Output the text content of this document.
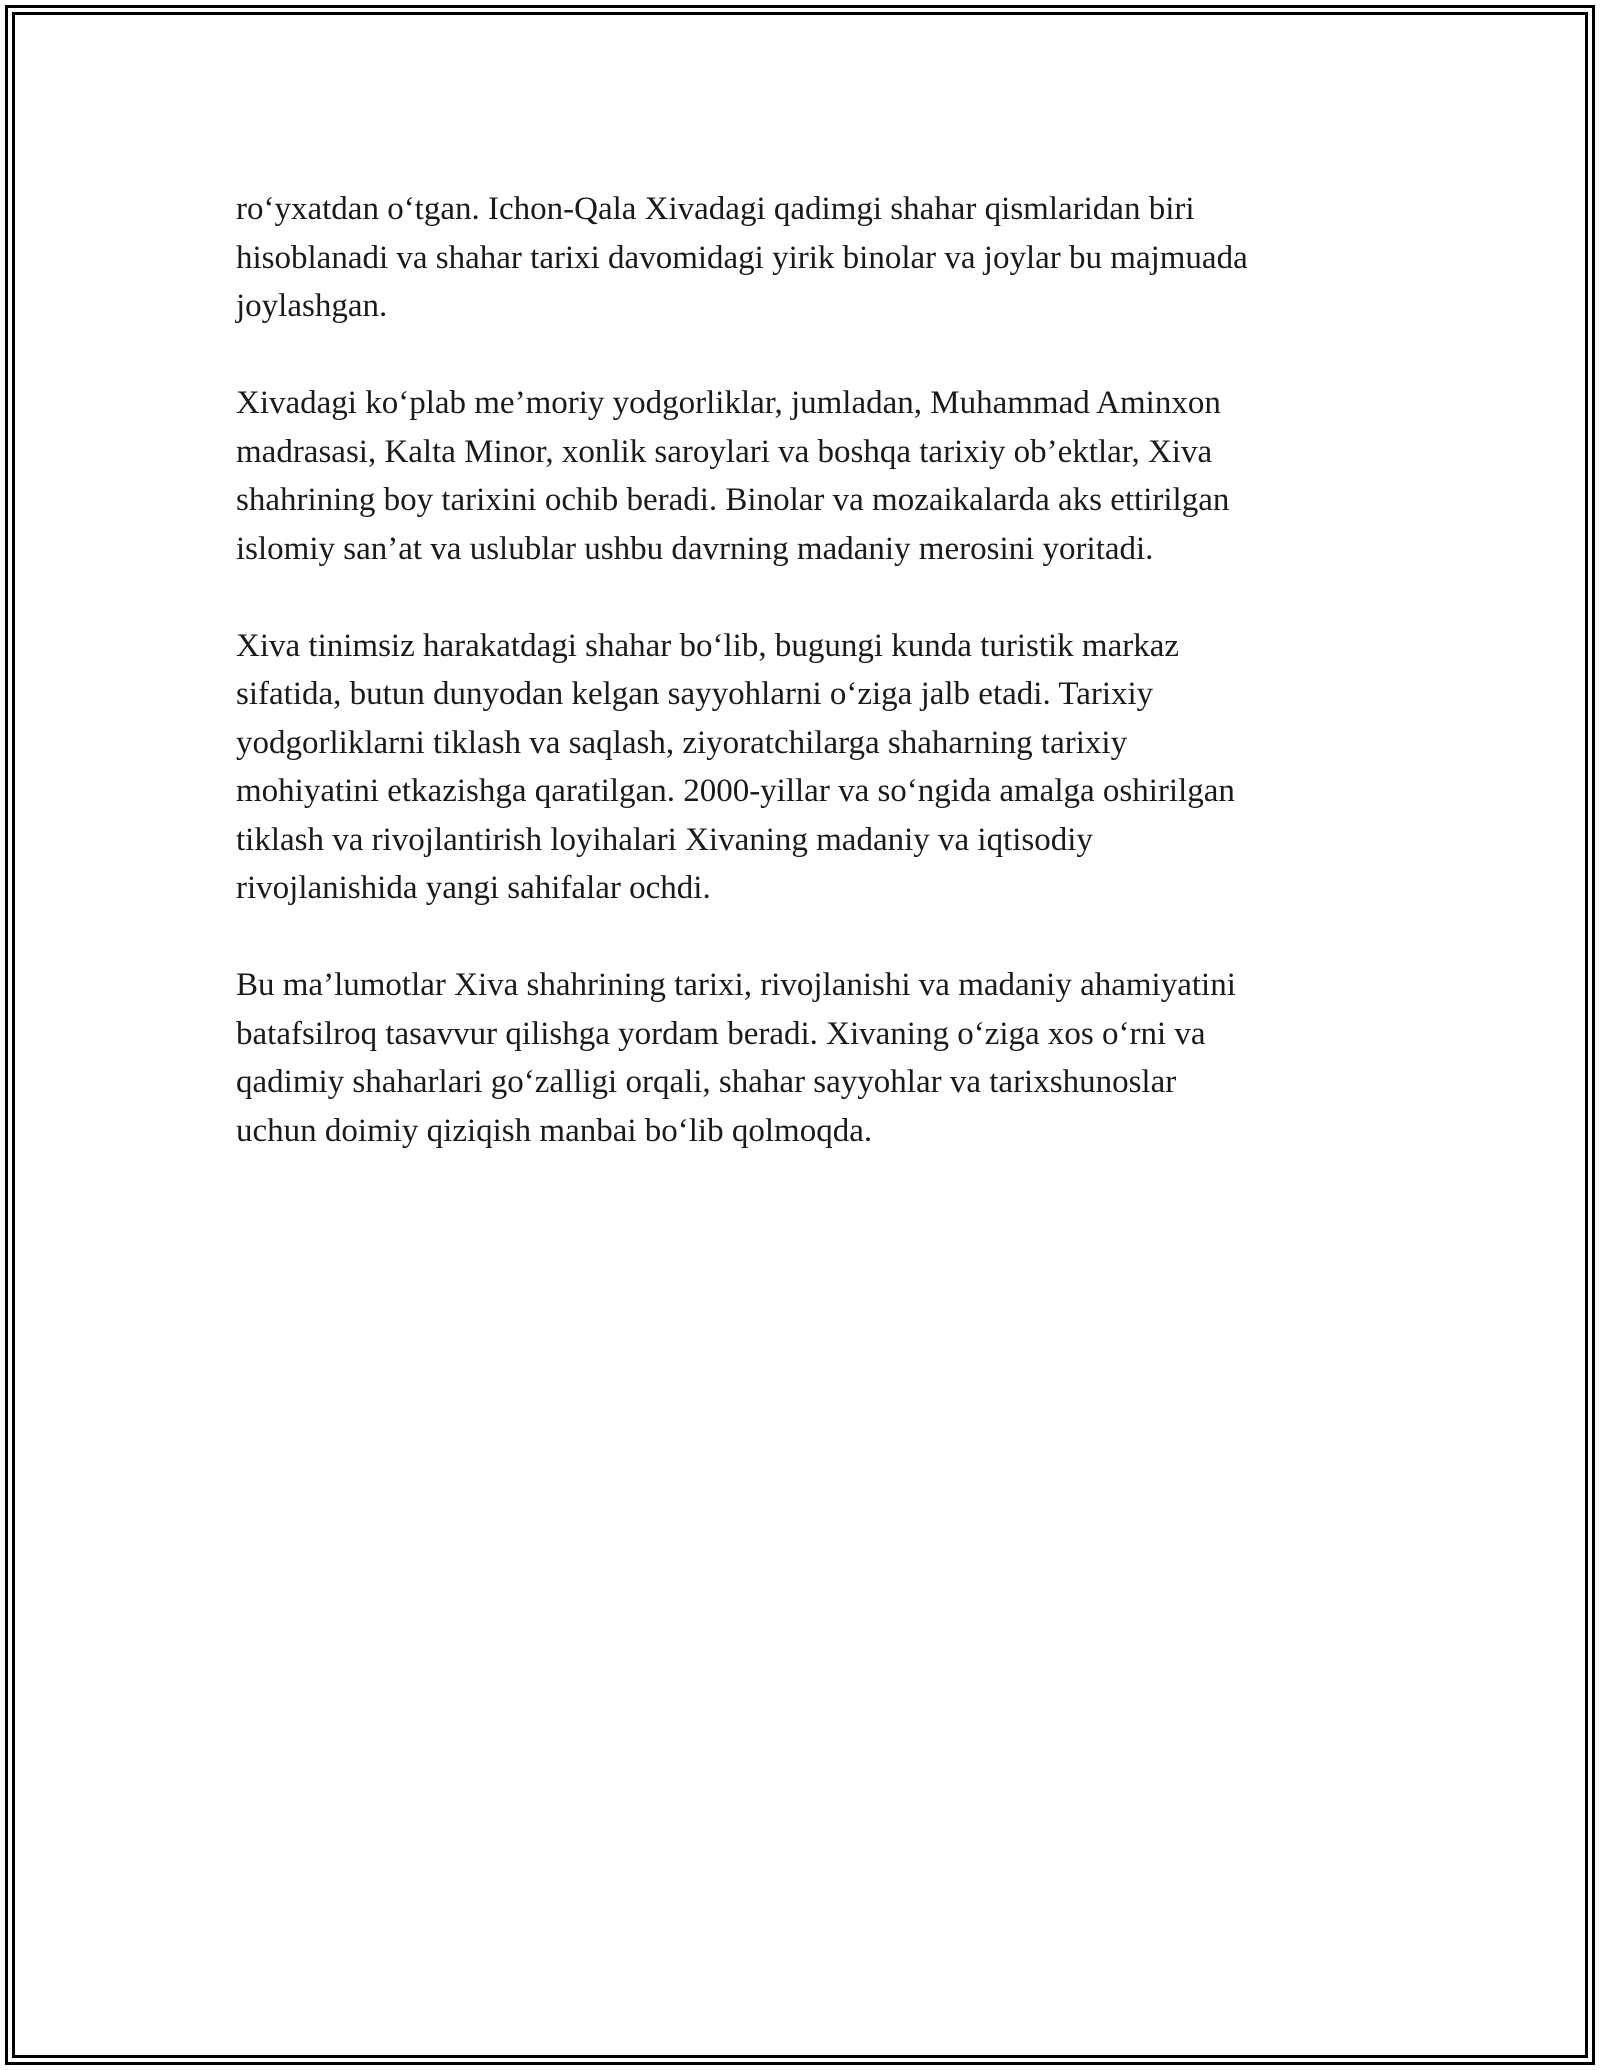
ro‘yxatdan o‘tgan. Ichon-Qala Xivadagi qadimgi shahar qismlaridan biri
hisoblanadi va shahar tarixi davomidagi yirik binolar va joylar bu majmuada
joylashgan.

Xivadagi ko‘plab me’moriy yodgorliklar, jumladan, Muhammad Aminxon
madrasasi, Kalta Minor, xonlik saroylari va boshqa tarixiy ob’ektlar, Xiva
shahrining boy tarixini ochib beradi. Binolar va mozaikalarda aks ettirilgan
islomiy san’at va uslublar ushbu davrning madaniy merosini yoritadi.

Xiva tinimsiz harakatdagi shahar bo‘lib, bugungi kunda turistik markaz
sifatida, butun dunyodan kelgan sayyohlarni o‘ziga jalb etadi. Tarixiy
yodgorliklarni tiklash va saqlash, ziyoratchilarga shaharning tarixiy
mohiyatini etkazishga qaratilgan. 2000-yillar va so‘ngida amalga oshirilgan
tiklash va rivojlantirish loyihalari Xivaning madaniy va iqtisodiy
rivojlanishida yangi sahifalar ochdi.

Bu ma’lumotlar Xiva shahrining tarixi, rivojlanishi va madaniy ahamiyatini
batafsilroq tasavvur qilishga yordam beradi. Xivaning o‘ziga xos o‘rni va
qadimiy shaharlari go‘zalligi orqali, shahar sayyohlar va tarixshunoslar
uchun doimiy qiziqish manbai bo‘lib qolmoqda.
